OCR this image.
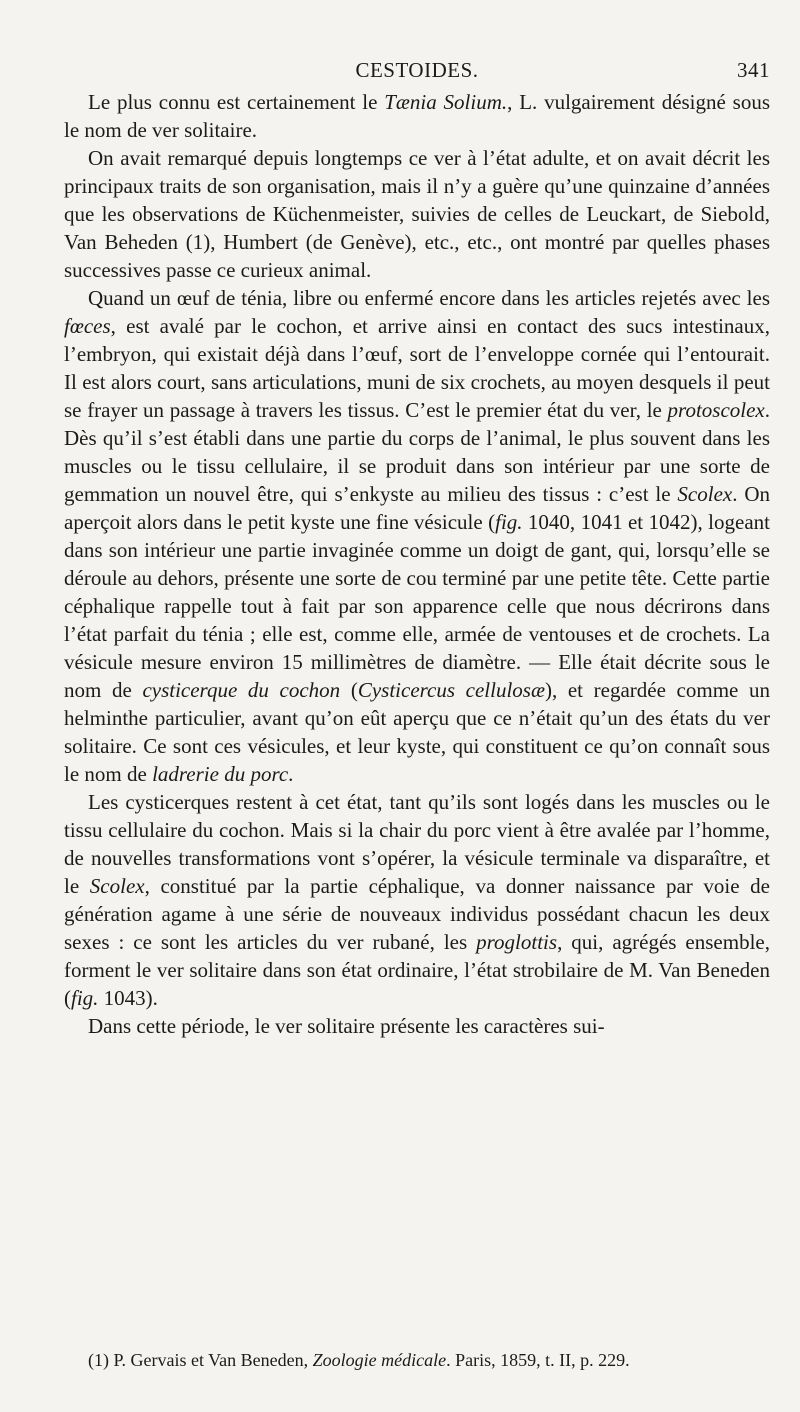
CESTOIDES.	341

Le plus connu est certainement le Tænia Solium., L. vulgairement désigné sous le nom de ver solitaire.

On avait remarqué depuis longtemps ce ver à l’état adulte, et on avait décrit les principaux traits de son organisation, mais il n’y a guère qu’une quinzaine d’années que les observations de Küchenmeister, suivies de celles de Leuckart, de Siebold, Van Beheden (1), Humbert (de Genève), etc., etc., ont montré par quelles phases successives passe ce curieux animal.

Quand un œuf de ténia, libre ou enfermé encore dans les articles rejetés avec les fœces, est avalé par le cochon, et arrive ainsi en contact des sucs intestinaux, l’embryon, qui existait déjà dans l’œuf, sort de l’enveloppe cornée qui l’entourait. Il est alors court, sans articulations, muni de six crochets, au moyen desquels il peut se frayer un passage à travers les tissus. C’est le premier état du ver, le protoscolex. Dès qu’il s’est établi dans une partie du corps de l’animal, le plus souvent dans les muscles ou le tissu cellulaire, il se produit dans son intérieur par une sorte de gemmation un nouvel être, qui s’enkyste au milieu des tissus : c’est le Scolex. On aperçoit alors dans le petit kyste une fine vésicule (fig. 1040, 1041 et 1042), logeant dans son intérieur une partie invaginée comme un doigt de gant, qui, lorsqu’elle se déroule au dehors, présente une sorte de cou terminé par une petite tête. Cette partie céphalique rappelle tout à fait par son apparence celle que nous décrirons dans l’état parfait du ténia ; elle est, comme elle, armée de ventouses et de crochets. La vésicule mesure environ 15 millimètres de diamètre. — Elle était décrite sous le nom de cysticerque du cochon (Cysticercus cellulosæ), et regardée comme un helminthe particulier, avant qu’on eût aperçu que ce n’était qu’un des états du ver solitaire. Ce sont ces vésicules, et leur kyste, qui constituent ce qu’on connaît sous le nom de ladrerie du porc.

Les cysticerques restent à cet état, tant qu’ils sont logés dans les muscles ou le tissu cellulaire du cochon. Mais si la chair du porc vient à être avalée par l’homme, de nouvelles transformations vont s’opérer, la vésicule terminale va disparaître, et le Scolex, constitué par la partie céphalique, va donner naissance par voie de génération agame à une série de nouveaux individus possédant chacun les deux sexes : ce sont les articles du ver rubané, les proglottis, qui, agrégés ensemble, forment le ver solitaire dans son état ordinaire, l’état strobilaire de M. Van Beneden (fig. 1043).

Dans cette période, le ver solitaire présente les caractères sui-

(1) P. Gervais et Van Beneden, Zoologie médicale. Paris, 1859, t. II, p. 229.
